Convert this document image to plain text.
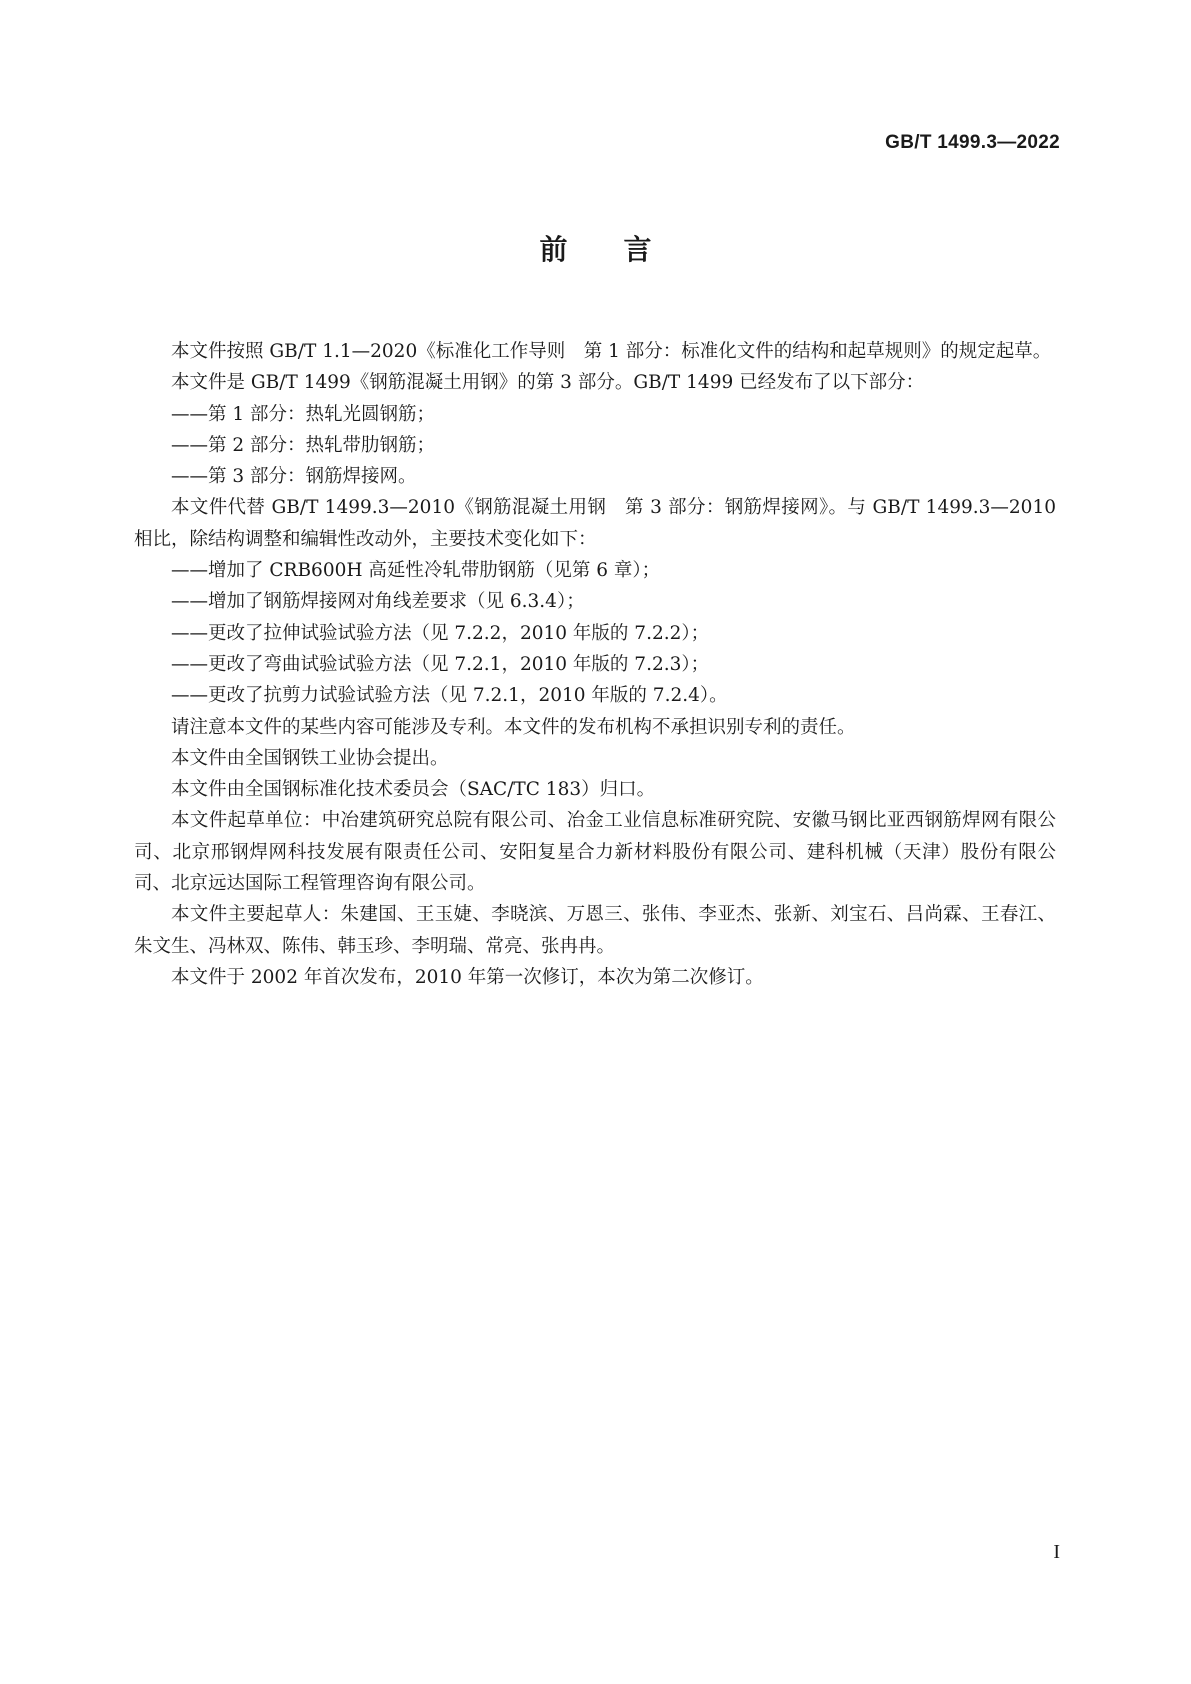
GB/T 1499.3—2022
前言

本文件按照 GB/T 1.1—2020《标准化工作导则　第 1 部分：标准化文件的结构和起草规则》的规定起草。

本文件是 GB/T 1499《钢筋混凝土用钢》的第 3 部分。GB/T 1499 已经发布了以下部分：

——第 1 部分：热轧光圆钢筋；

——第 2 部分：热轧带肋钢筋；

——第 3 部分：钢筋焊接网。

本文件代替 GB/T 1499.3—2010《钢筋混凝土用钢　第 3 部分：钢筋焊接网》。与 GB/T 1499.3—2010 相比，除结构调整和编辑性改动外，主要技术变化如下：

——增加了 CRB600H 高延性冷轧带肋钢筋（见第 6 章）；

——增加了钢筋焊接网对角线差要求（见 6.3.4）；

——更改了拉伸试验试验方法（见 7.2.2，2010 年版的 7.2.2）；

——更改了弯曲试验试验方法（见 7.2.1，2010 年版的 7.2.3）；

——更改了抗剪力试验试验方法（见 7.2.1，2010 年版的 7.2.4）。

请注意本文件的某些内容可能涉及专利。本文件的发布机构不承担识别专利的责任。

本文件由全国钢铁工业协会提出。

本文件由全国钢标准化技术委员会（SAC/TC 183）归口。

本文件起草单位：中冶建筑研究总院有限公司、冶金工业信息标准研究院、安徽马钢比亚西钢筋焊网有限公司、北京邢钢焊网科技发展有限责任公司、安阳复星合力新材料股份有限公司、建科机械（天津）股份有限公司、北京远达国际工程管理咨询有限公司。

本文件主要起草人：朱建国、王玉婕、李晓滨、万恩三、张伟、李亚杰、张新、刘宝石、吕尚霖、王春江、朱文生、冯林双、陈伟、韩玉珍、李明瑞、常亮、张冉冉。

本文件于 2002 年首次发布，2010 年第一次修订，本次为第二次修订。

I
